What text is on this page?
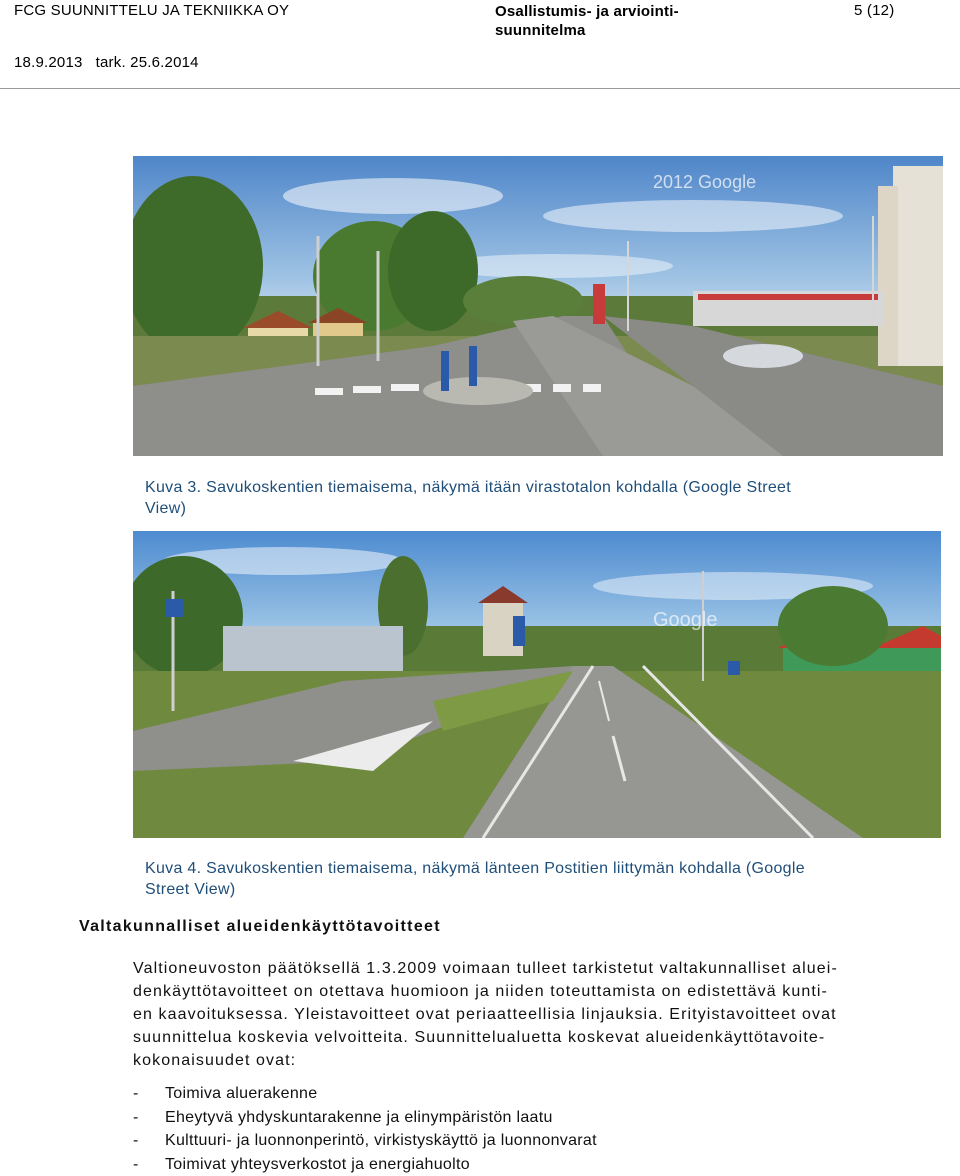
FCG SUUNNITTELU JA TEKNIIKKA OY	Osallistumis- ja arviointi-
suunnitelma
5 (12)
18.9.2013   tark. 25.6.2014
2012 Google
Kuva 3. Savukoskentien tiemaisema, näkymä itään virastotalon kohdalla (Google Street
View)
Google
Kuva 4. Savukoskentien tiemaisema, näkymä länteen Postitien liittymän kohdalla (Google
Street View)
Valtakunnalliset alueidenkäyttötavoitteet
Valtioneuvoston päätöksellä 1.3.2009 voimaan tulleet tarkistetut valtakunnalliset aluei-
denkäyttötavoitteet on otettava huomioon ja niiden toteuttamista on edistettävä kunti-
en kaavoituksessa. Yleistavoitteet ovat periaatteellisia linjauksia. Erityistavoitteet ovat
suunnittelua koskevia velvoitteita. Suunnittelualuetta koskevat alueidenkäyttötavoite-
kokonaisuudet ovat:
- Toimiva aluerakenne
- Eheytyvä yhdyskuntarakenne ja elinympäristön laatu
- Kulttuuri- ja luonnonperintö, virkistyskäyttö ja luonnonvarat
- Toimivat yhteysverkostot ja energiahuolto
